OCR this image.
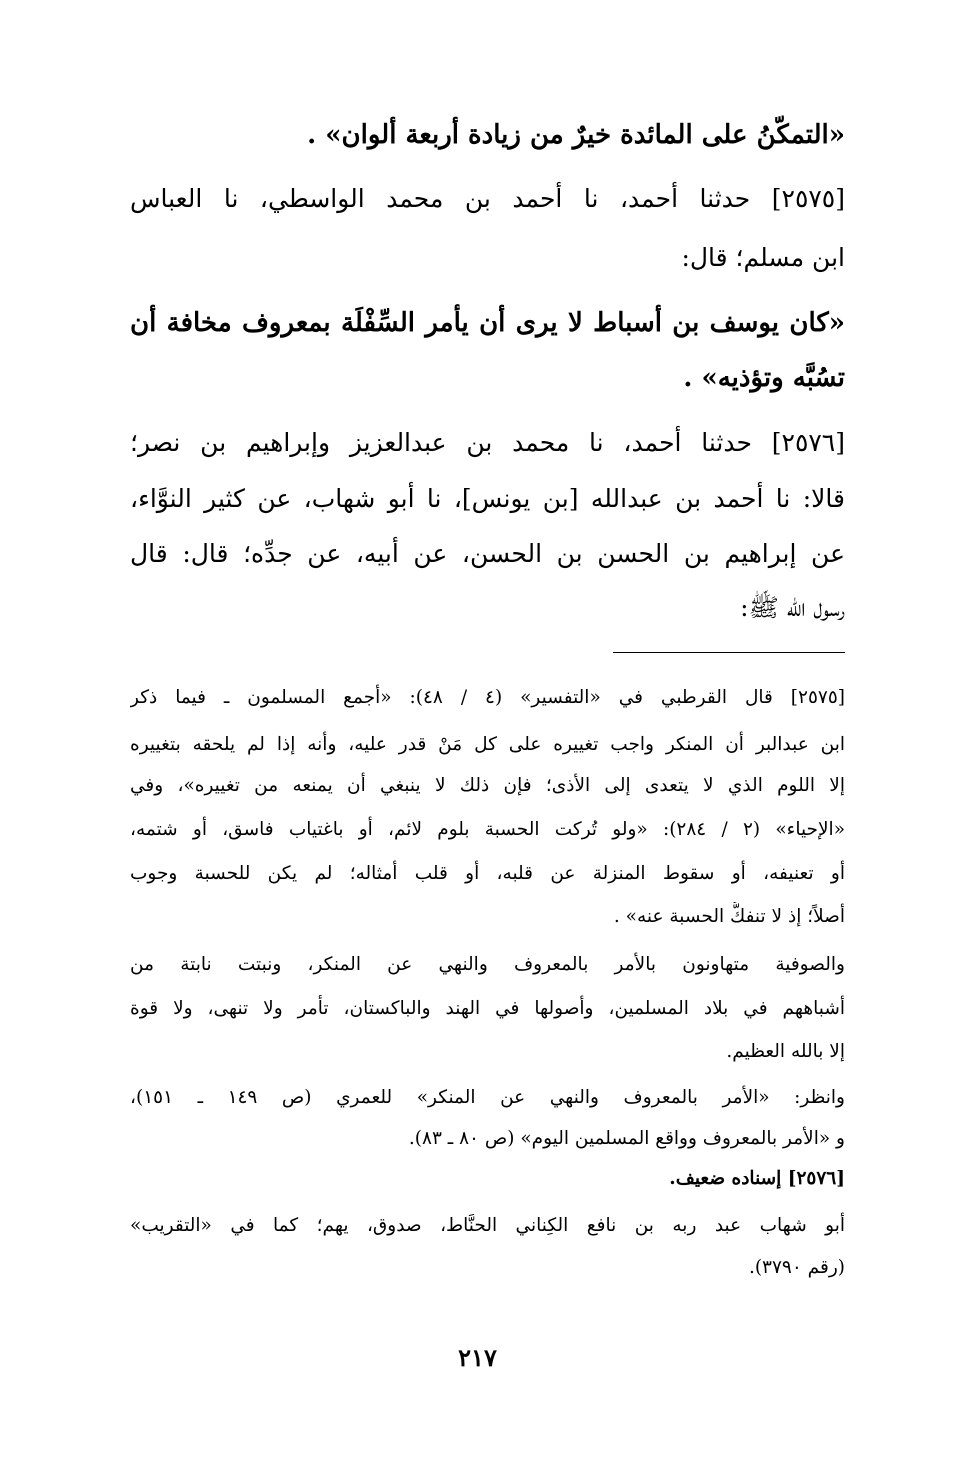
«التمكّنُ على المائدة خيرٌ من زيادة أربعة ألوان» .
[٢٥٧٥] حدثنا أحمد، نا أحمد بن محمد الواسطي، نا العباس
ابن مسلم؛ قال:
«كان يوسف بن أسباط لا يرى أن يأمر السِّفْلَة بمعروف مخافة أن
تسُبَّه وتؤذيه» .
[٢٥٧٦] حدثنا أحمد، نا محمد بن عبدالعزيز وإبراهيم بن نصر؛
قالا: نا أحمد بن عبدالله [بن يونس]، نا أبو شهاب، عن كثير النوَّاء،
عن إبراهيم بن الحسن بن الحسن، عن أبيه، عن جدِّه؛ قال: قال
رسول الله ﷺ:
[٢٥٧٥] قال القرطبي في «التفسير» (٤ / ٤٨): «أجمع المسلمون ـ فيما ذكر
ابن عبدالبر أن المنكر واجب تغييره على كل مَنْ قدر عليه، وأنه إذا لم يلحقه بتغييره
إلا اللوم الذي لا يتعدى إلى الأذى؛ فإن ذلك لا ينبغي أن يمنعه من تغييره»، وفي
«الإحياء» (٢ / ٢٨٤): «ولو تُركت الحسبة بلوم لائم، أو باغتياب فاسق، أو شتمه،
أو تعنيفه، أو سقوط المنزلة عن قلبه، أو قلب أمثاله؛ لم يكن للحسبة وجوب
أصلاً؛ إذ لا تنفكُّ الحسبة عنه» .
والصوفية متهاونون بالأمر بالمعروف والنهي عن المنكر، ونبتت نابتة من
أشباههم في بلاد المسلمين، وأصولها في الهند والباكستان، تأمر ولا تنهى، ولا قوة
إلا بالله العظيم.
وانظر: «الأمر بالمعروف والنهي عن المنكر» للعمري (ص ١٤٩ ـ ١٥١)،
و «الأمر بالمعروف وواقع المسلمين اليوم» (ص ٨٠ ـ ٨٣).
[٢٥٧٦] إسناده ضعيف.
أبو شهاب عبد ربه بن نافع الكِناني الحنَّاط، صدوق، يهم؛ كما في «التقريب»
(رقم ٣٧٩٠).
٢١٧
